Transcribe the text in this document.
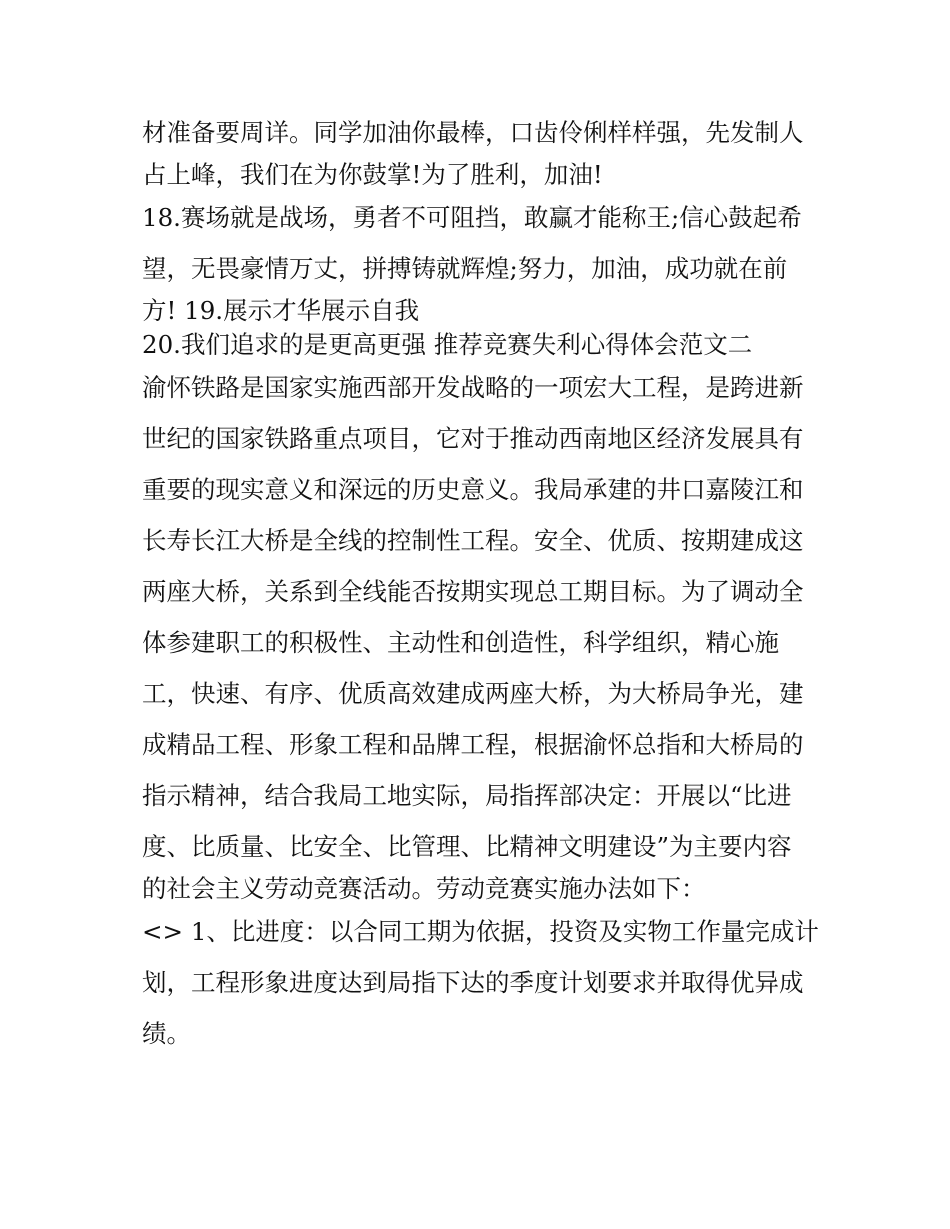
材准备要周详。同学加油你最棒，口齿伶俐样样强，先发制人
占上峰，我们在为你鼓掌!为了胜利，加油!
18.赛场就是战场，勇者不可阻挡，敢赢才能称王;信心鼓起希
望，无畏豪情万丈，拼搏铸就辉煌;努力，加油，成功就在前
方! 19.展示才华展示自我
20.我们追求的是更高更强 推荐竞赛失利心得体会范文二
渝怀铁路是国家实施西部开发战略的一项宏大工程，是跨进新
世纪的国家铁路重点项目，它对于推动西南地区经济发展具有
重要的现实意义和深远的历史意义。我局承建的井口嘉陵江和
长寿长江大桥是全线的控制性工程。安全、优质、按期建成这
两座大桥，关系到全线能否按期实现总工期目标。为了调动全
体参建职工的积极性、主动性和创造性，科学组织，精心施
工，快速、有序、优质高效建成两座大桥，为大桥局争光，建
成精品工程、形象工程和品牌工程，根据渝怀总指和大桥局的
指示精神，结合我局工地实际，局指挥部决定：开展以“比进
度、比质量、比安全、比管理、比精神文明建设”为主要内容
的社会主义劳动竞赛活动。劳动竞赛实施办法如下：
<> 1、比进度：以合同工期为依据，投资及实物工作量完成计
划，工程形象进度达到局指下达的季度计划要求并取得优异成
绩。
